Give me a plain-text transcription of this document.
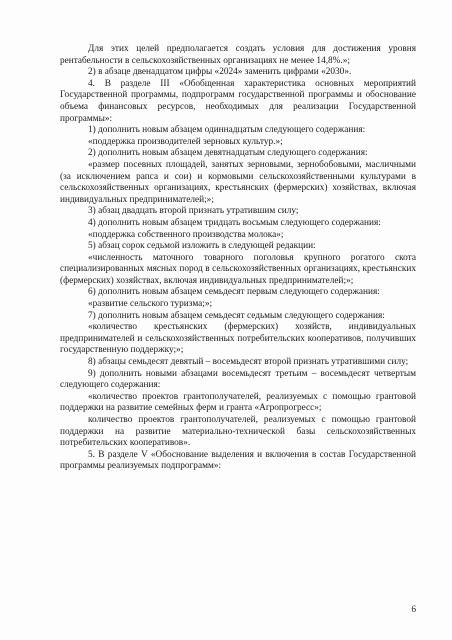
Для этих целей предполагается создать условия для достижения уровня рентабельности в сельскохозяйственных организациях не менее 14,8%.»;

2) в абзаце двенадцатом цифры «2024» заменить цифрами «2030».

4. В разделе III «Обобщенная характеристика основных мероприятий Государственной программы, подпрограмм государственной программы и обоснование объема финансовых ресурсов, необходимых для реализации Государственной программы»:

1) дополнить новым абзацем одиннадцатым следующего содержания:

«поддержка производителей зерновых культур.»;

2) дополнить новым абзацем девятнадцатым следующего содержания:

«размер посевных площадей, занятых зерновыми, зернобобовыми, масличными (за исключением рапса и сои) и кормовыми сельскохозяйственными культурами в сельскохозяйственных организациях, крестьянских (фермерских) хозяйствах, включая индивидуальных предпринимателей;»;

3) абзац двадцать второй признать утратившим силу;

4) дополнить новым абзацем тридцать восьмым следующего содержания:

«поддержка собственного производства молока»;

5) абзац сорок седьмой изложить в следующей редакции:

«численность маточного товарного поголовья крупного рогатого скота специализированных мясных пород в сельскохозяйственных организациях, крестьянских (фермерских) хозяйствах, включая индивидуальных предпринимателей;»;

6) дополнить новым абзацем семьдесят первым следующего содержания:

«развитие сельского туризма;»;

7) дополнить новым абзацем семьдесят седьмым следующего содержания:

«количество крестьянских (фермерских) хозяйств, индивидуальных предпринимателей и сельскохозяйственных потребительских кооперативов, получивших государственную поддержку;»;

8) абзацы семьдесят девятый – восемьдесят второй признать утратившими силу;

9) дополнить новыми абзацами восемьдесят третьим – восемьдесят четвертым следующего содержания:

«количество проектов грантополучателей, реализуемых с помощью грантовой поддержки на развитие семейных ферм и гранта «Агропрогресс»;

количество проектов грантополучателей, реализуемых с помощью грантовой поддержки на развитие материально-технической базы сельскохозяйственных потребительских кооперативов».

5. В разделе V «Обоснование выделения и включения в состав Государственной программы реализуемых подпрограмм»:

6
